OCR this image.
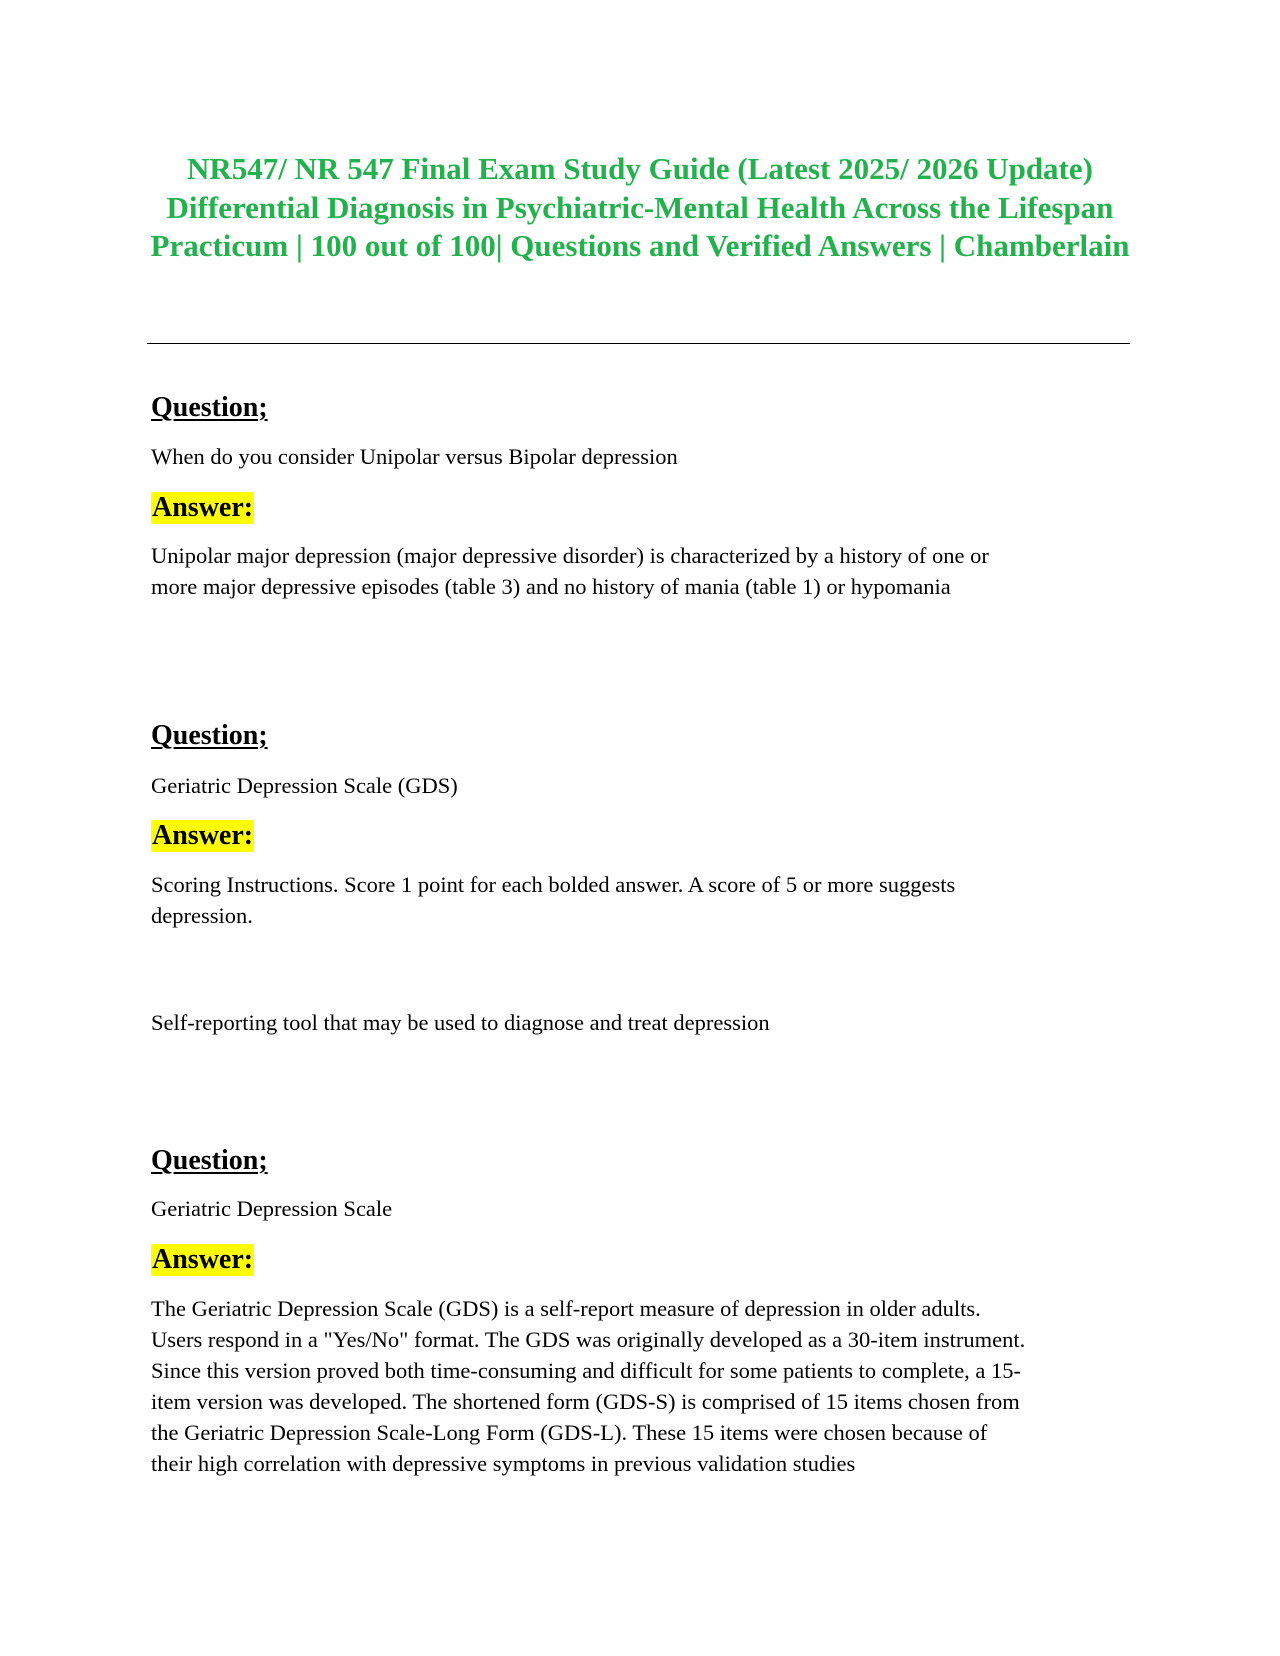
NR547/ NR 547 Final Exam Study Guide (Latest 2025/ 2026 Update) Differential Diagnosis in Psychiatric-Mental Health Across the Lifespan Practicum | 100 out of 100| Questions and Verified Answers | Chamberlain

Question;

When do you consider Unipolar versus Bipolar depression

Answer:

Unipolar major depression (major depressive disorder) is characterized by a history of one or
more major depressive episodes (table 3) and no history of mania (table 1) or hypomania

Question;

Geriatric Depression Scale (GDS)

Answer:

Scoring Instructions. Score 1 point for each bolded answer. A score of 5 or more suggests
depression.

Self-reporting tool that may be used to diagnose and treat depression

Question;

Geriatric Depression Scale

Answer:

The Geriatric Depression Scale (GDS) is a self-report measure of depression in older adults.
Users respond in a "Yes/No" format. The GDS was originally developed as a 30-item instrument.
Since this version proved both time-consuming and difficult for some patients to complete, a 15-
item version was developed. The shortened form (GDS-S) is comprised of 15 items chosen from
the Geriatric Depression Scale-Long Form (GDS-L). These 15 items were chosen because of
their high correlation with depressive symptoms in previous validation studies
